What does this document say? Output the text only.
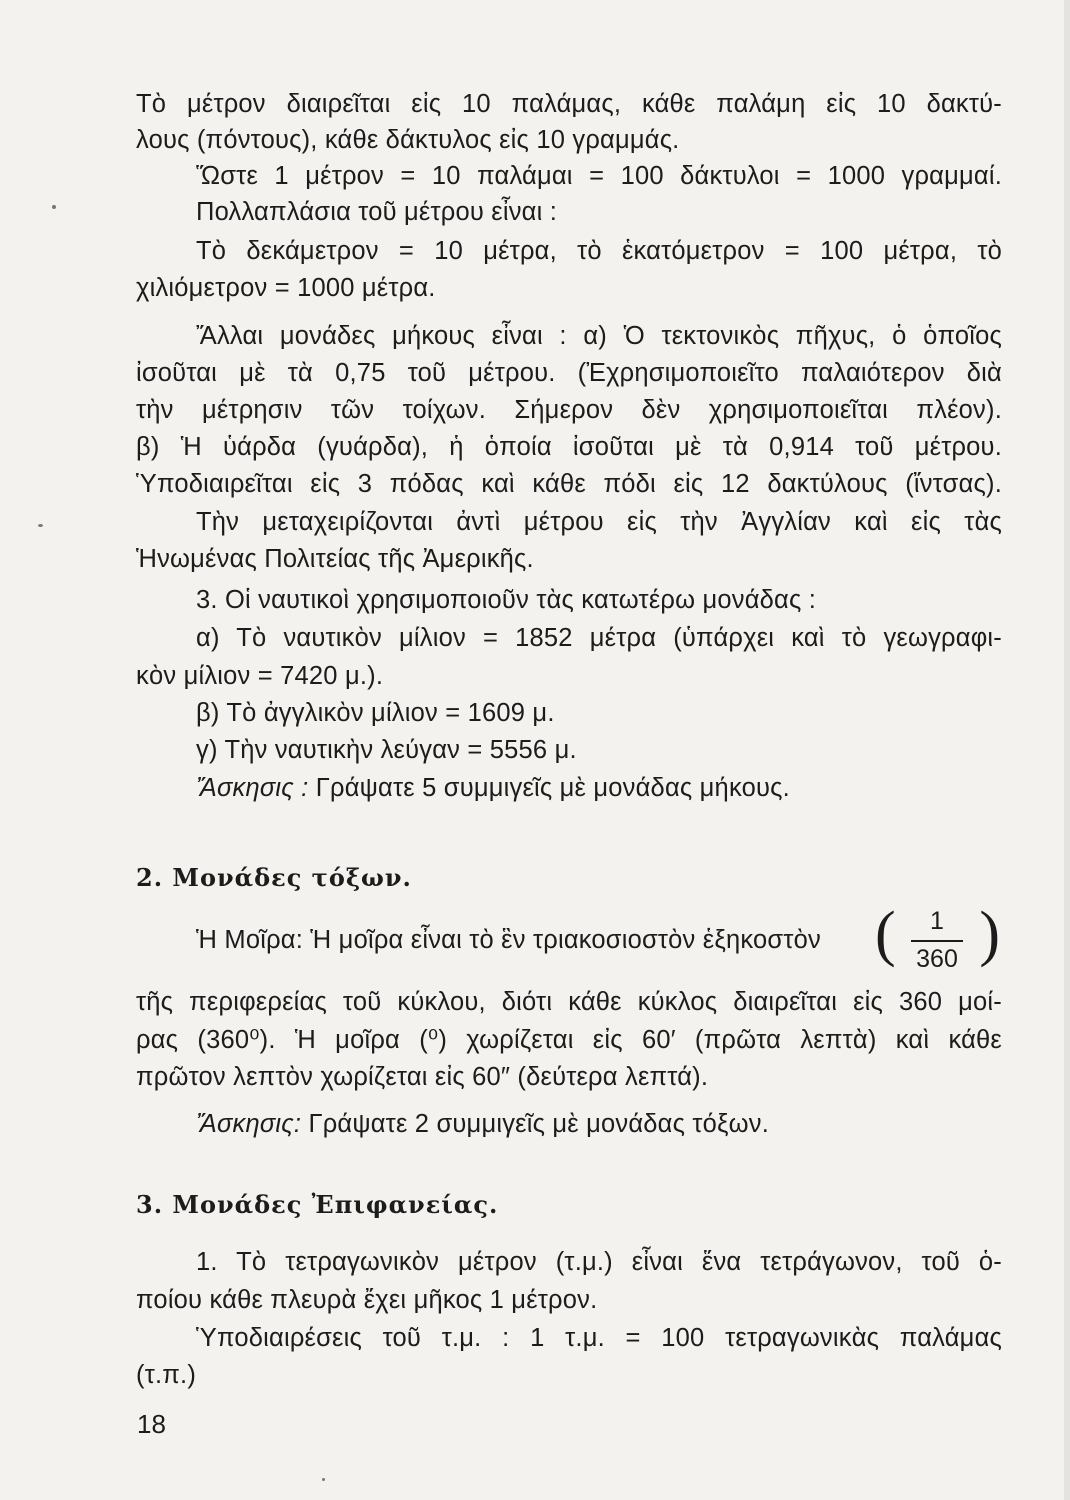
Τὸ μέτρον διαιρεῖται εἰς 10 παλάμας, κάθε παλάμη εἰς 10 δακτύ-
λους (πόντους), κάθε δάκτυλος εἰς 10 γραμμάς.
Ὥστε 1 μέτρον = 10 παλάμαι = 100 δάκτυλοι = 1000 γραμμαί.
Πολλαπλάσια τοῦ μέτρου εἶναι :
Τὸ δεκάμετρον = 10 μέτρα, τὸ ἑκατόμετρον = 100 μέτρα, τὸ
χιλιόμετρον = 1000 μέτρα.
Ἄλλαι μονάδες μήκους εἶναι : α) Ὁ τεκτονικὸς πῆχυς, ὁ ὁποῖος
ἰσοῦται μὲ τὰ 0,75 τοῦ μέτρου. (Ἐχρησιμοποιεῖτο παλαιότερον διὰ
τὴν μέτρησιν τῶν τοίχων. Σήμερον δὲν χρησιμοποιεῖται πλέον).
β) Ἡ ὑάρδα (γυάρδα), ἡ ὁποία ἰσοῦται μὲ τὰ 0,914 τοῦ μέτρου.
Ὑποδιαιρεῖται εἰς 3 πόδας καὶ κάθε πόδι εἰς 12 δακτύλους (ἴντσας).
Τὴν μεταχειρίζονται ἀντὶ μέτρου εἰς τὴν Ἀγγλίαν καὶ εἰς τὰς
Ἡνωμένας Πολιτείας τῆς Ἀμερικῆς.
3. Οἱ ναυτικοὶ χρησιμοποιοῦν τὰς κατωτέρω μονάδας :
α) Τὸ ναυτικὸν μίλιον = 1852 μέτρα (ὑπάρχει καὶ τὸ γεωγραφι-
κὸν μίλιον = 7420 μ.).
β) Τὸ ἀγγλικὸν μίλιον = 1609 μ.
γ) Τὴν ναυτικὴν λεύγαν = 5556 μ.
Ἄσκησις : Γράψατε 5 συμμιγεῖς μὲ μονάδας μήκους.
2. Μονάδες τόξων.
Ἡ Μοῖρα: Ἡ μοῖρα εἶναι τὸ ἓν τριακοσιοστὸν ἑξηκοστὸν (	1
360 )
τῆς περιφερείας τοῦ κύκλου, διότι κάθε κύκλος διαιρεῖται εἰς 360 μοί-
ρας (360⁰). Ἡ μοῖρα (⁰) χωρίζεται εἰς 60′ (πρῶτα λεπτὰ) καὶ κάθε
πρῶτον λεπτὸν χωρίζεται εἰς 60″ (δεύτερα λεπτά).
Ἄσκησις: Γράψατε 2 συμμιγεῖς μὲ μονάδας τόξων.
3. Μονάδες Ἐπιφανείας.
1. Τὸ τετραγωνικὸν μέτρον (τ.μ.) εἶναι ἕνα τετράγωνον, τοῦ ὁ-
ποίου κάθε πλευρὰ ἔχει μῆκος 1 μέτρον.
Ὑποδιαιρέσεις τοῦ τ.μ. : 1 τ.μ. = 100 τετραγωνικὰς παλάμας
(τ.π.)
18
